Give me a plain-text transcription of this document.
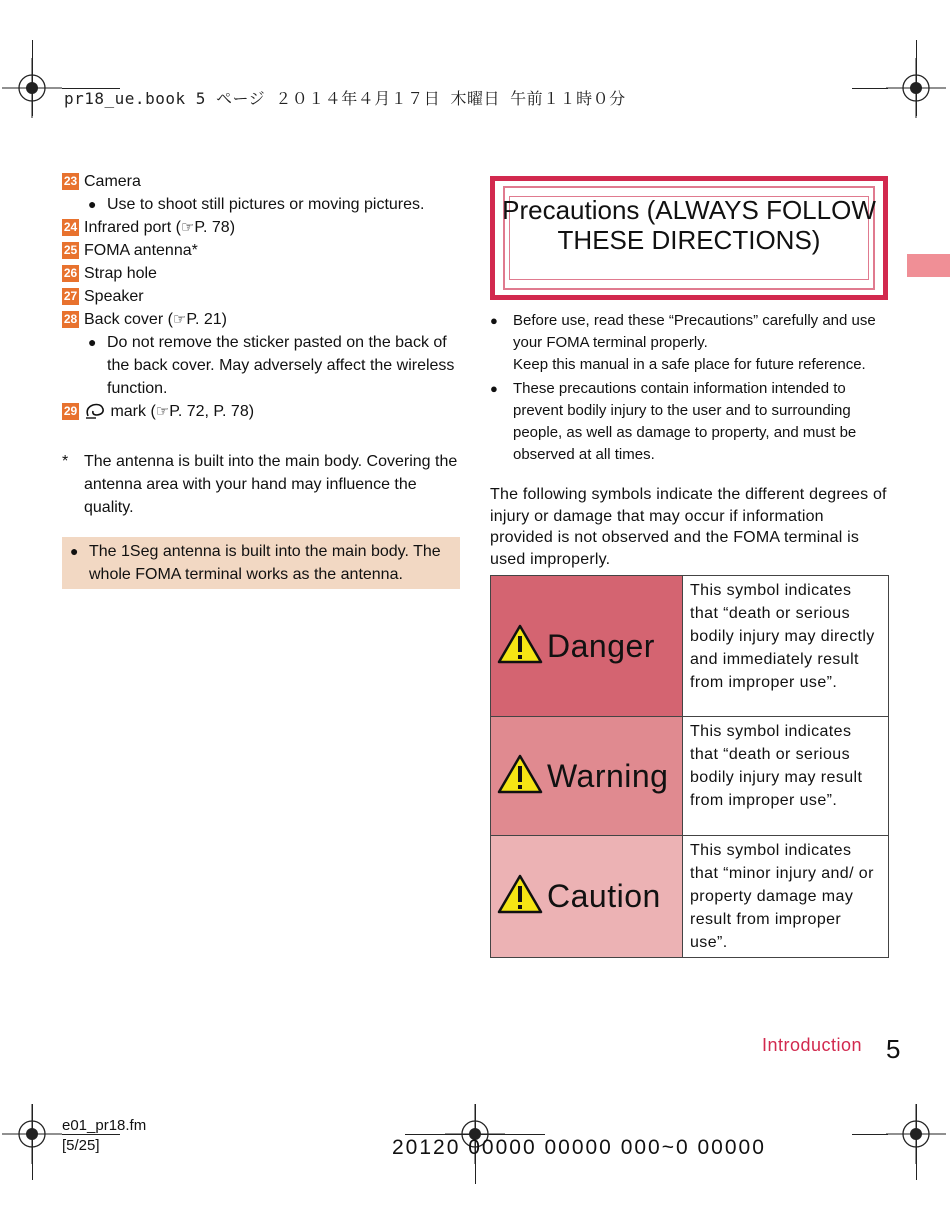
pr18_ue.book 5 ページ ２０１４年４月１７日 木曜日 午前１１時０分
23 Camera
● Use to shoot still pictures or moving pictures.
24 Infrared port (☞P. 78)
25 FOMA antenna*
26 Strap hole
27 Speaker
28 Back cover (☞P. 21)
● Do not remove the sticker pasted on the back of the back cover. May adversely affect the wireless function.
29	mark (☞P. 72, P. 78)
* The antenna is built into the main body. Covering the antenna area with your hand may influence the quality.
● The 1Seg antenna is built into the main body. The whole FOMA terminal works as the antenna.
Precautions (ALWAYS FOLLOW THESE DIRECTIONS)
●	Before use, read these “Precautions” carefully and use your FOMA terminal properly.
Keep this manual in a safe place for future reference.
●	These precautions contain information intended to prevent bodily injury to the user and to surrounding people, as well as damage to property, and must be observed at all times.
The following symbols indicate the different degrees of injury or damage that may occur if information provided is not observed and the FOMA terminal is used improperly.
Danger	This symbol indicates that “death or serious bodily injury may directly and immediately result from improper use”.

Warning	This symbol indicates that “death or serious bodily injury may result from improper use”.

Caution	This symbol indicates that “minor injury and/ or property damage may result from improper use”.
Introduction 5
e01_pr18.fm
[5/25]	20120 00000 00000 000~0 00000
